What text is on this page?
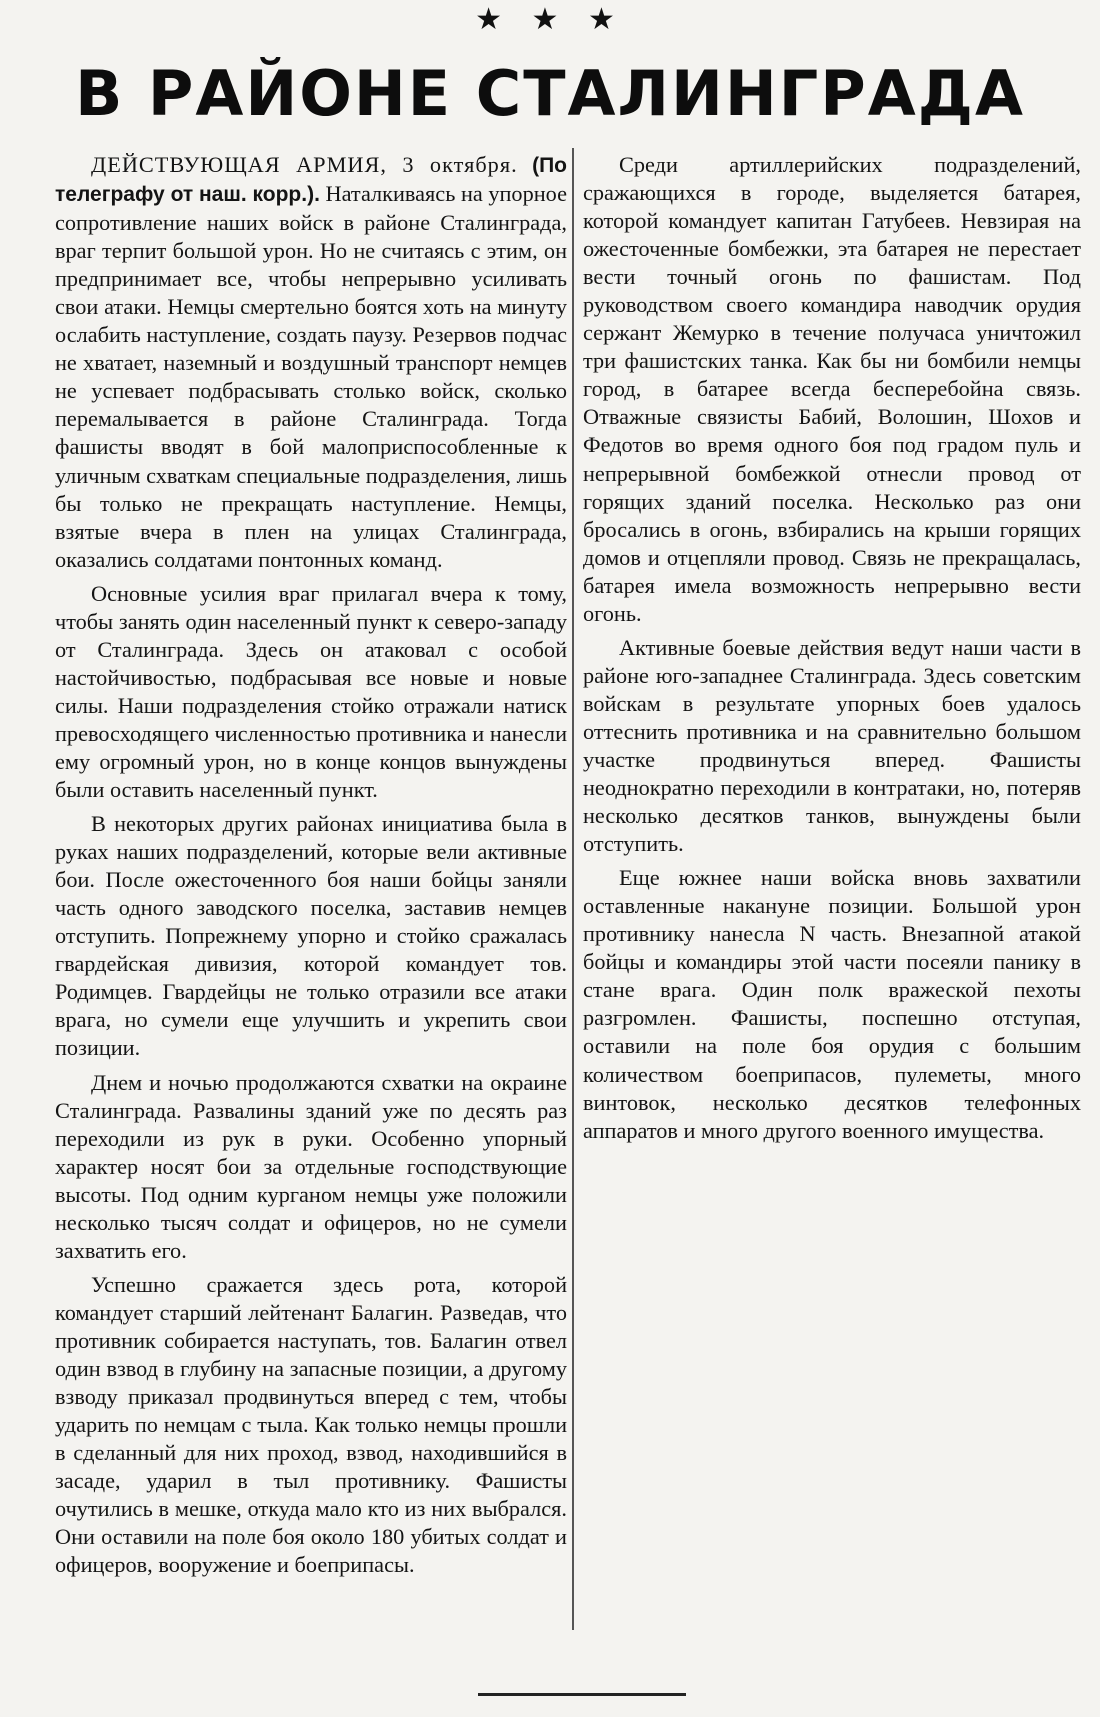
★ ★ ★
В РАЙОНЕ СТАЛИНГРАДА

ДЕЙСТВУЮЩАЯ АРМИЯ, 3 октября. (По телеграфу от наш. корр.). Наталкиваясь на упорное сопротивление наших войск в районе Сталинграда, враг терпит большой урон. Но не считаясь с этим, он предпринимает все, чтобы непрерывно усиливать свои атаки. Немцы смертельно боятся хоть на минуту ослабить наступление, создать паузу. Резервов подчас не хватает, наземный и воздушный транспорт немцев не успевает подбрасывать столько войск, сколько перемалывается в районе Сталинграда. Тогда фашисты вводят в бой малоприспособленные к уличным схваткам специальные подразделения, лишь бы только не прекращать наступление. Немцы, взятые вчера в плен на улицах Сталинграда, оказались солдатами понтонных команд.

Основные усилия враг прилагал вчера к тому, чтобы занять один населенный пункт к северо-западу от Сталинграда. Здесь он атаковал с особой настойчивостью, подбрасывая все новые и новые силы. Наши подразделения стойко отражали натиск превосходящего численностью противника и нанесли ему огромный урон, но в конце концов вынуждены были оставить населенный пункт.

В некоторых других районах инициатива была в руках наших подразделений, которые вели активные бои. После ожесточенного боя наши бойцы заняли часть одного заводского поселка, заставив немцев отступить. Попрежнему упорно и стойко сражалась гвардейская дивизия, которой командует тов. Родимцев. Гвардейцы не только отразили все атаки врага, но сумели еще улучшить и укрепить свои позиции.

Днем и ночью продолжаются схватки на окраине Сталинграда. Развалины зданий уже по десять раз переходили из рук в руки. Особенно упорный характер носят бои за отдельные господствующие высоты. Под одним курганом немцы уже положили несколько тысяч солдат и офицеров, но не сумели захватить его.

Успешно сражается здесь рота, которой командует старший лейтенант Балагин. Разведав, что противник собирается наступать, тов. Балагин отвел один взвод в глубину на запасные позиции, а другому взводу приказал продвинуться вперед с тем, чтобы ударить по немцам с тыла. Как только немцы прошли в сделанный для них проход, взвод, находившийся в засаде, ударил в тыл противнику. Фашисты очутились в мешке, откуда мало кто из них выбрался. Они оставили на поле боя около 180 убитых солдат и офицеров, вооружение и боеприпасы.

Среди артиллерийских подразделений, сражающихся в городе, выделяется батарея, которой командует капитан Гатубеев. Невзирая на ожесточенные бомбежки, эта батарея не перестает вести точный огонь по фашистам. Под руководством своего командира наводчик орудия сержант Жемурко в течение получаса уничтожил три фашистских танка. Как бы ни бомбили немцы город, в батарее всегда бесперебойна связь. Отважные связисты Бабий, Волошин, Шохов и Федотов во время одного боя под градом пуль и непрерывной бомбежкой отнесли провод от горящих зданий поселка. Несколько раз они бросались в огонь, взбирались на крыши горящих домов и отцепляли провод. Связь не прекращалась, батарея имела возможность непрерывно вести огонь.

Активные боевые действия ведут наши части в районе юго-западнее Сталинграда. Здесь советским войскам в результате упорных боев удалось оттеснить противника и на сравнительно большом участке продвинуться вперед. Фашисты неоднократно переходили в контратаки, но, потеряв несколько десятков танков, вынуждены были отступить.

Еще южнее наши войска вновь захватили оставленные накануне позиции. Большой урон противнику нанесла N часть. Внезапной атакой бойцы и командиры этой части посеяли панику в стане врага. Один полк вражеской пехоты разгромлен. Фашисты, поспешно отступая, оставили на поле боя орудия с большим количеством боеприпасов, пулеметы, много винтовок, несколько десятков телефонных аппаратов и много другого военного имущества.
